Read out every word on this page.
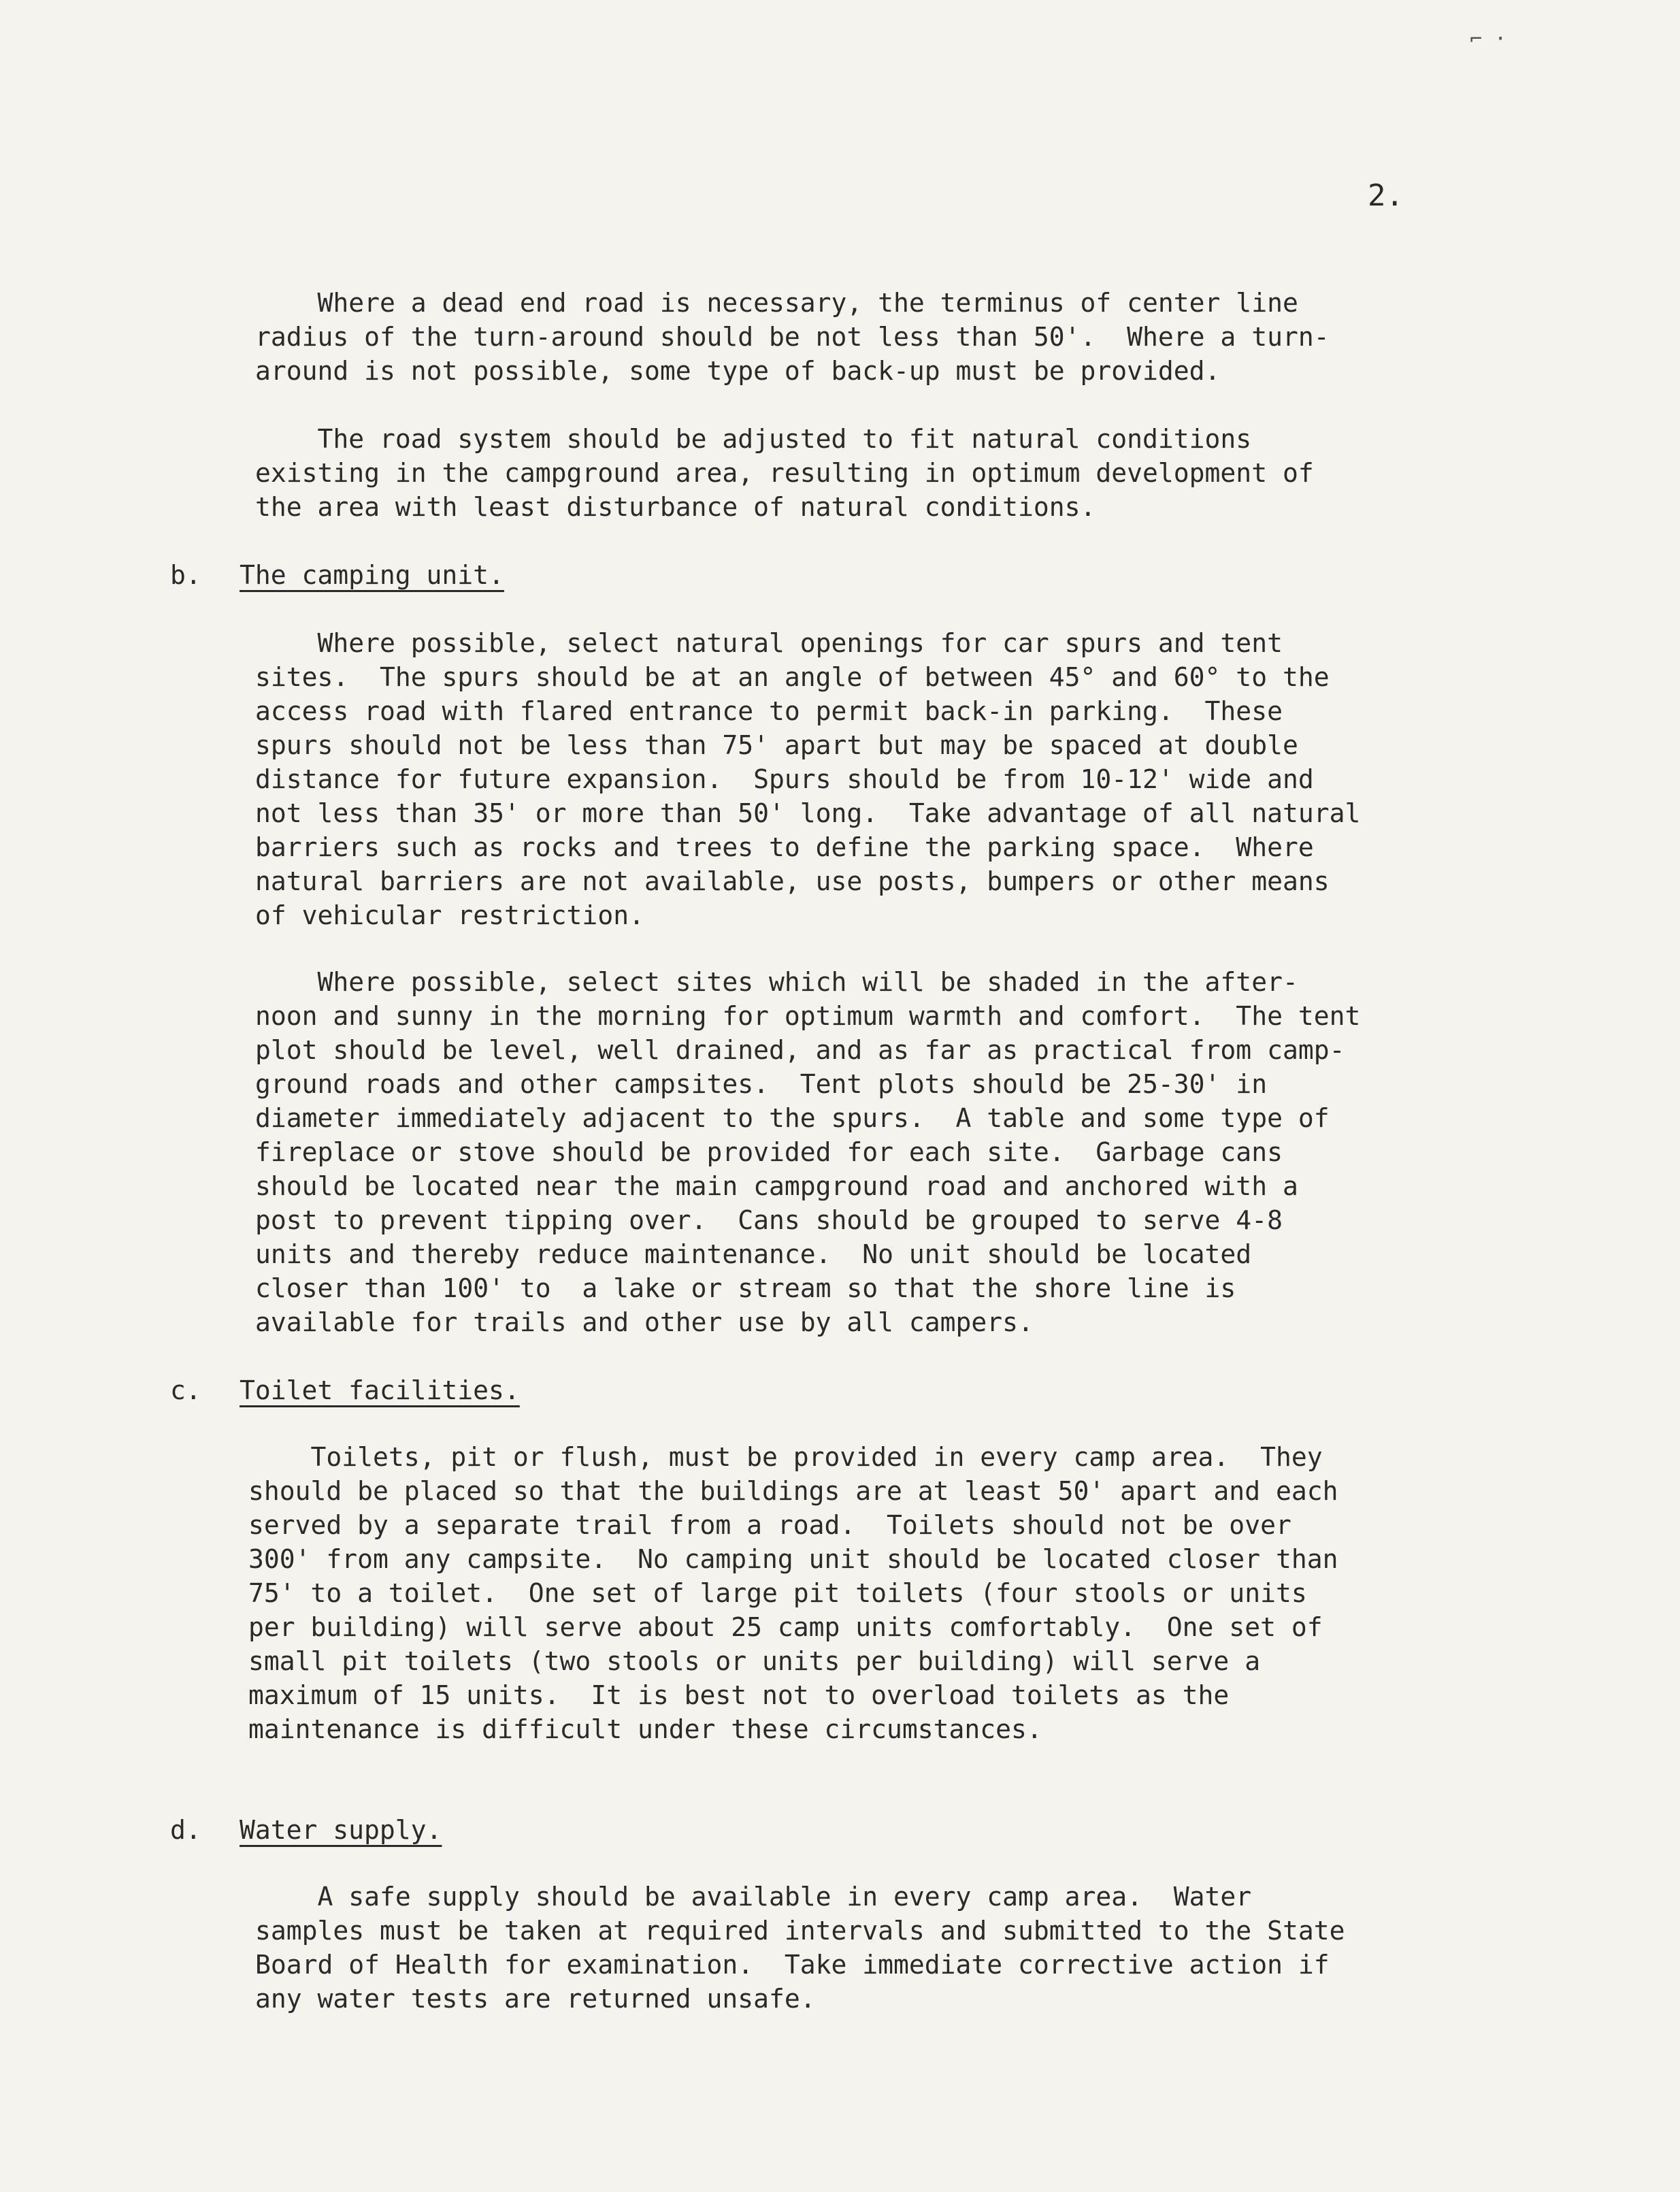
2.
⌐ ·
Where a dead end road is necessary, the terminus of center line
radius of the turn-around should be not less than 50'.  Where a turn-
around is not possible, some type of back-up must be provided.
The road system should be adjusted to fit natural conditions
existing in the campground area, resulting in optimum development of
the area with least disturbance of natural conditions.
b. The camping unit.
Where possible, select natural openings for car spurs and tent
sites.  The spurs should be at an angle of between 45° and 60° to the
access road with flared entrance to permit back-in parking.  These
spurs should not be less than 75' apart but may be spaced at double
distance for future expansion.  Spurs should be from 10-12' wide and
not less than 35' or more than 50' long.  Take advantage of all natural
barriers such as rocks and trees to define the parking space.  Where
natural barriers are not available, use posts, bumpers or other means
of vehicular restriction.
Where possible, select sites which will be shaded in the after-
noon and sunny in the morning for optimum warmth and comfort.  The tent
plot should be level, well drained, and as far as practical from camp-
ground roads and other campsites.  Tent plots should be 25-30' in
diameter immediately adjacent to the spurs.  A table and some type of
fireplace or stove should be provided for each site.  Garbage cans
should be located near the main campground road and anchored with a
post to prevent tipping over.  Cans should be grouped to serve 4-8
units and thereby reduce maintenance.  No unit should be located
closer than 100' to  a lake or stream so that the shore line is
available for trails and other use by all campers.
c. Toilet facilities.
Toilets, pit or flush, must be provided in every camp area.  They
should be placed so that the buildings are at least 50' apart and each
served by a separate trail from a road.  Toilets should not be over
300' from any campsite.  No camping unit should be located closer than
75' to a toilet.  One set of large pit toilets (four stools or units
per building) will serve about 25 camp units comfortably.  One set of
small pit toilets (two stools or units per building) will serve a
maximum of 15 units.  It is best not to overload toilets as the
maintenance is difficult under these circumstances.
d. Water supply.
A safe supply should be available in every camp area.  Water
samples must be taken at required intervals and submitted to the State
Board of Health for examination.  Take immediate corrective action if
any water tests are returned unsafe.
